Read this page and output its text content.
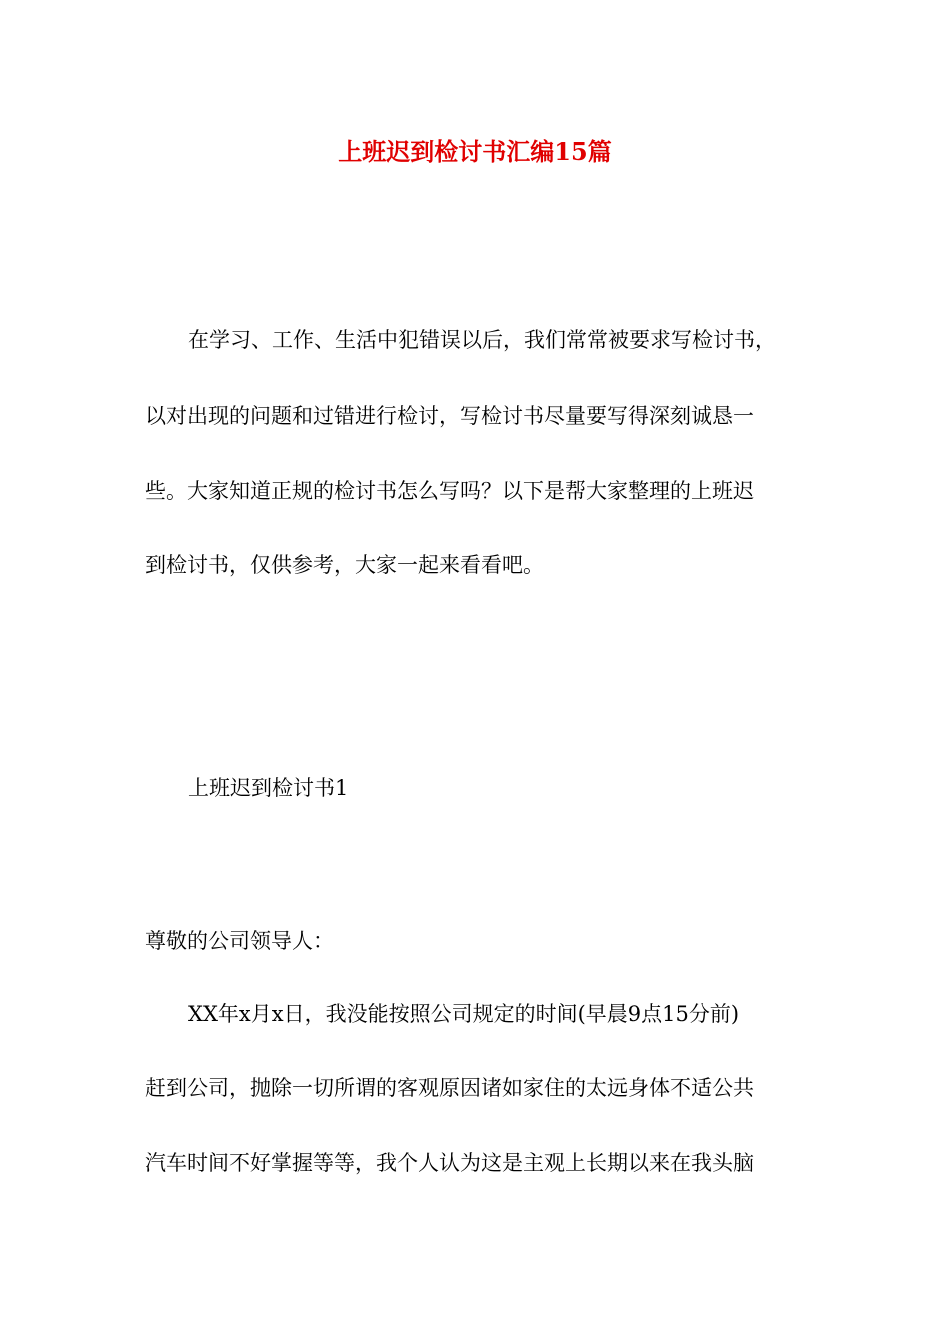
上班迟到检讨书汇编15篇
在学习、工作、生活中犯错误以后，我们常常被要求写检讨书，
以对出现的问题和过错进行检讨，写检讨书尽量要写得深刻诚恳一
些。大家知道正规的检讨书怎么写吗？以下是帮大家整理的上班迟
到检讨书，仅供参考，大家一起来看看吧。
上班迟到检讨书1
尊敬的公司领导人：
XX年x月x日，我没能按照公司规定的时间(早晨9点15分前)
赶到公司，抛除一切所谓的客观原因诸如家住的太远身体不适公共
汽车时间不好掌握等等，我个人认为这是主观上长期以来在我头脑
